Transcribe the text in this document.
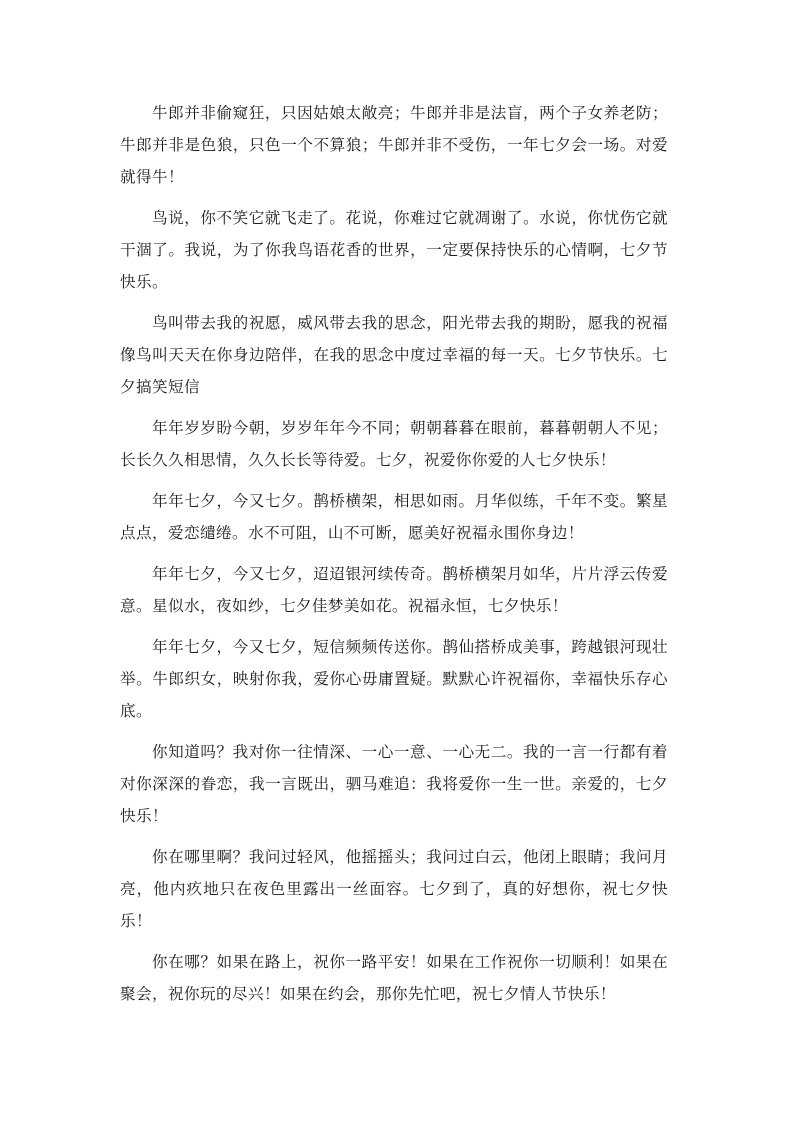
牛郎并非偷窥狂，只因姑娘太敞亮；牛郎并非是法盲，两个子女养老防；牛郎并非是色狼，只色一个不算狼；牛郎并非不受伤，一年七夕会一场。对爱就得牛！

鸟说，你不笑它就飞走了。花说，你难过它就凋谢了。水说，你忧伤它就干涸了。我说，为了你我鸟语花香的世界，一定要保持快乐的心情啊，七夕节快乐。

鸟叫带去我的祝愿，威风带去我的思念，阳光带去我的期盼，愿我的祝福像鸟叫天天在你身边陪伴，在我的思念中度过幸福的每一天。七夕节快乐。七夕搞笑短信

年年岁岁盼今朝，岁岁年年今不同；朝朝暮暮在眼前，暮暮朝朝人不见；长长久久相思情，久久长长等待爱。七夕，祝爱你你爱的人七夕快乐！

年年七夕，今又七夕。鹊桥横架，相思如雨。月华似练，千年不变。繁星点点，爱恋缱绻。水不可阻，山不可断，愿美好祝福永围你身边！

年年七夕，今又七夕，迢迢银河续传奇。鹊桥横架月如华，片片浮云传爱意。星似水，夜如纱，七夕佳梦美如花。祝福永恒，七夕快乐！

年年七夕，今又七夕，短信频频传送你。鹊仙搭桥成美事，跨越银河现壮举。牛郎织女，映射你我，爱你心毋庸置疑。默默心许祝福你，幸福快乐存心底。

你知道吗？我对你一往情深、一心一意、一心无二。我的一言一行都有着对你深深的眷恋，我一言既出，驷马难追：我将爱你一生一世。亲爱的，七夕快乐！

你在哪里啊？我问过轻风，他摇摇头；我问过白云，他闭上眼睛；我问月亮，他内疚地只在夜色里露出一丝面容。七夕到了，真的好想你，祝七夕快乐！

你在哪？如果在路上，祝你一路平安！如果在工作祝你一切顺利！如果在聚会，祝你玩的尽兴！如果在约会，那你先忙吧，祝七夕情人节快乐！
